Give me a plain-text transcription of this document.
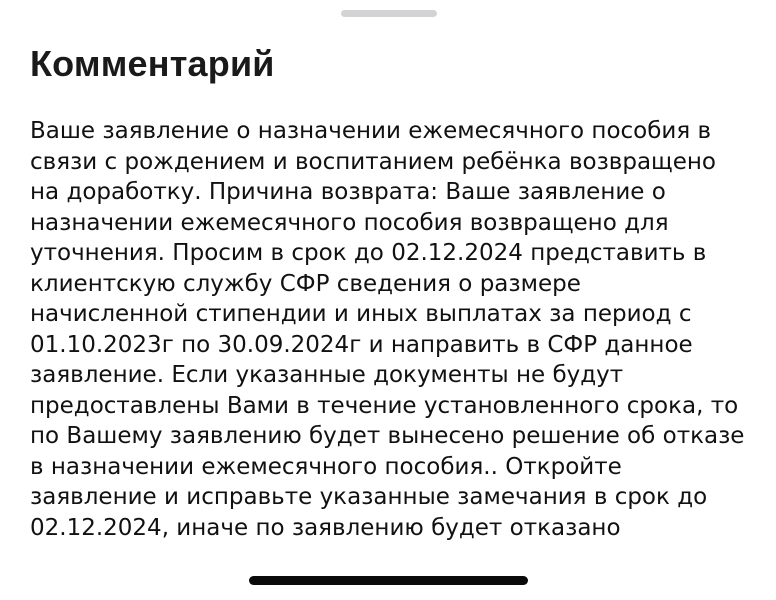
Комментарий

Ваше заявление о назначении ежемесячного пособия в
связи с рождением и воспитанием ребёнка возвращено
на доработку. Причина возврата: Ваше заявление о
назначении ежемесячного пособия возвращено для
уточнения. Просим в срок до 02.12.2024 представить в
клиентскую службу СФР сведения о размере
начисленной стипендии и иных выплатах за период с
01.10.2023г по 30.09.2024г и направить в СФР данное
заявление. Если указанные документы не будут
предоставлены Вами в течение установленного срока, то
по Вашему заявлению будет вынесено решение об отказе
в назначении ежемесячного пособия.. Откройте
заявление и исправьте указанные замечания в срок до
02.12.2024, иначе по заявлению будет отказано
